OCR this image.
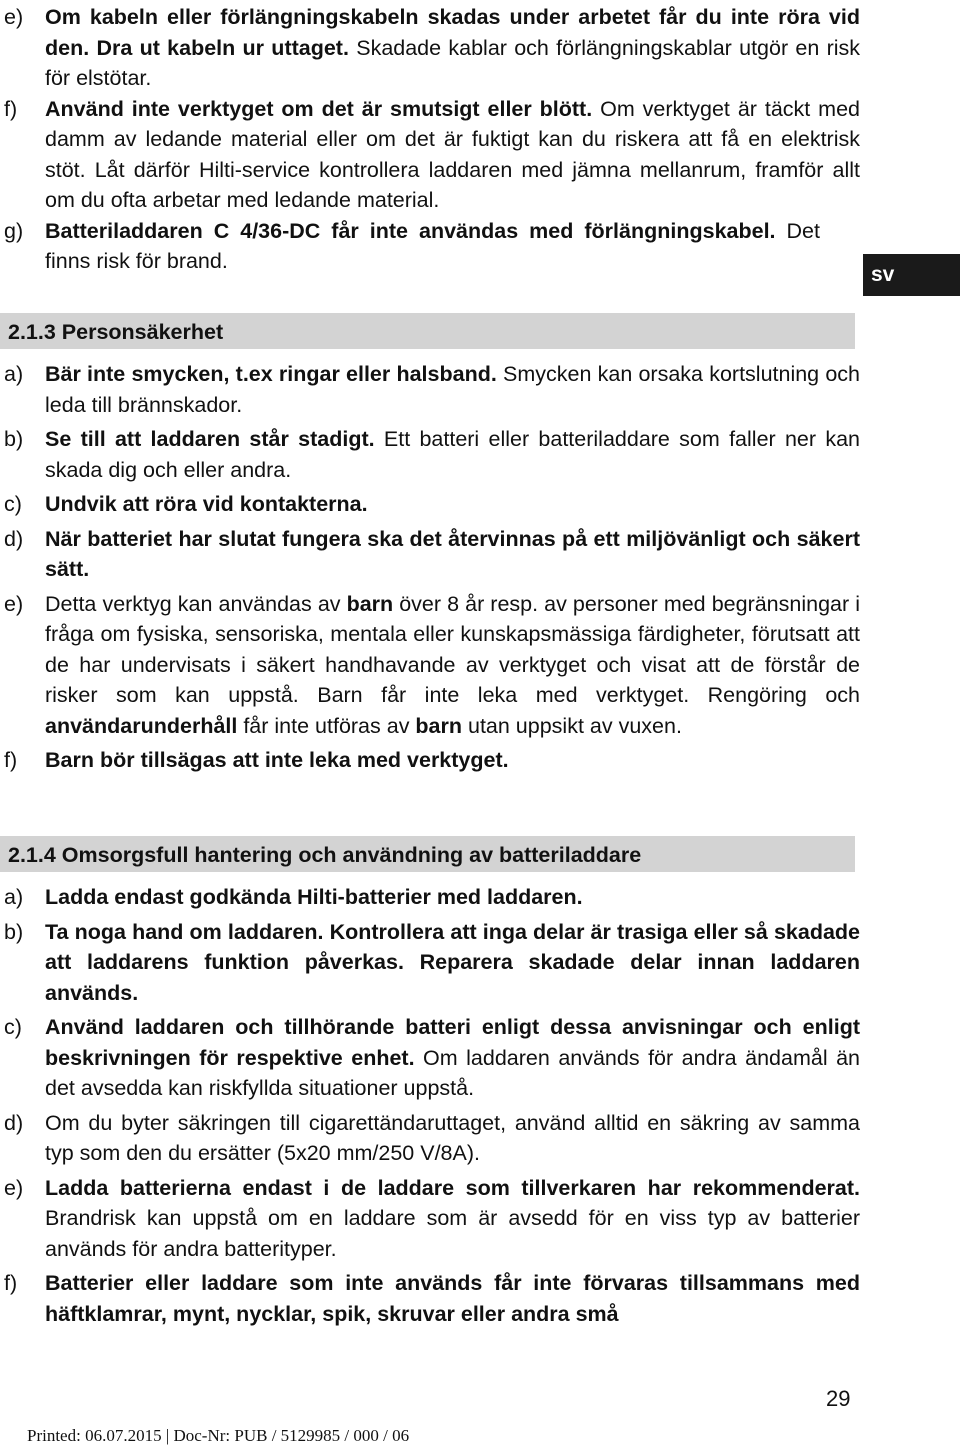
e) Om kabeln eller förlängningskabeln skadas under arbetet får du inte röra vid den. Dra ut kabeln ur uttaget. Skadade kablar och förlängningskablar utgör en risk för elstötar.
f) Använd inte verktyget om det är smutsigt eller blött. Om verktyget är täckt med damm av ledande material eller om det är fuktigt kan du riskera att få en elektrisk stöt. Låt därför Hilti-service kontrollera laddaren med jämna mellanrum, framför allt om du ofta arbetar med ledande material.
g) Batteriladdaren C 4/36-DC får inte användas med förlängningskabel. Det finns risk för brand.
sv
2.1.3 Personsäkerhet
a) Bär inte smycken, t.ex ringar eller halsband. Smycken kan orsaka kortslutning och leda till brännskador.
b) Se till att laddaren står stadigt. Ett batteri eller batteriladdare som faller ner kan skada dig och eller andra.
c) Undvik att röra vid kontakterna.
d) När batteriet har slutat fungera ska det återvinnas på ett miljövänligt och säkert sätt.
e) Detta verktyg kan användas av barn över 8 år resp. av personer med begränsningar i fråga om fysiska, sensoriska, mentala eller kunskapsmässiga färdigheter, förutsatt att de har undervisats i säkert handhavande av verktyget och visat att de förstår de risker som kan uppstå. Barn får inte leka med verktyget. Rengöring och användarunderhåll får inte utföras av barn utan uppsikt av vuxen.
f) Barn bör tillsägas att inte leka med verktyget.
2.1.4 Omsorgsfull hantering och användning av batteriladdare
a) Ladda endast godkända Hilti-batterier med laddaren.
b) Ta noga hand om laddaren. Kontrollera att inga delar är trasiga eller så skadade att laddarens funktion påverkas. Reparera skadade delar innan laddaren används.
c) Använd laddaren och tillhörande batteri enligt dessa anvisningar och enligt beskrivningen för respektive enhet. Om laddaren används för andra ändamål än det avsedda kan riskfyllda situationer uppstå.
d) Om du byter säkringen till cigarettändaruttaget, använd alltid en säkring av samma typ som den du ersätter (5x20 mm/250 V/8A).
e) Ladda batterierna endast i de laddare som tillverkaren har rekommenderat. Brandrisk kan uppstå om en laddare som är avsedd för en viss typ av batterier används för andra batterityper.
f) Batterier eller laddare som inte används får inte förvaras tillsammans med häftklamrar, mynt, nycklar, spik, skruvar eller andra små
29
Printed: 06.07.2015 | Doc-Nr: PUB / 5129985 / 000 / 06
